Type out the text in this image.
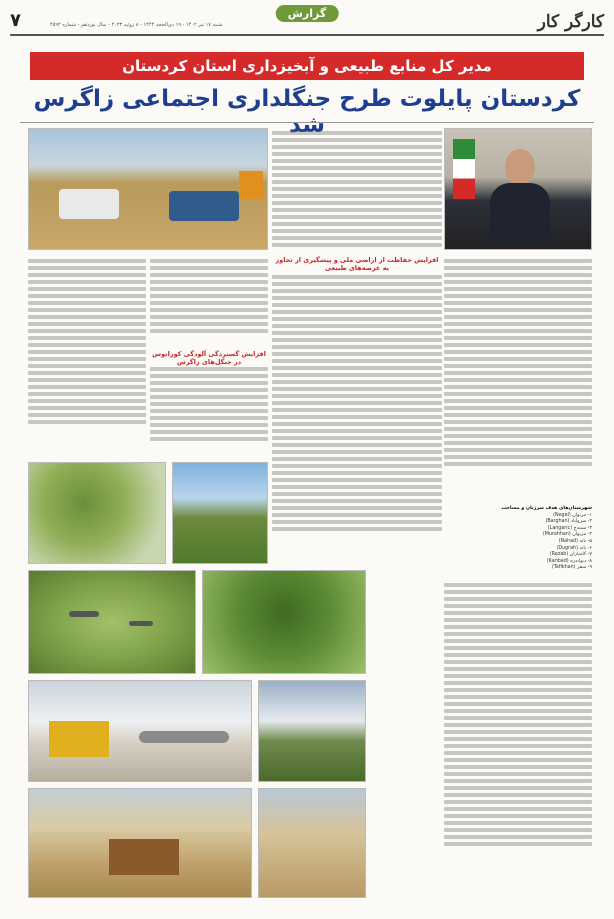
۷	شنبه ۱۷ تیر ۱۴۰۲ - ۱۹ ذی‌الحجه ۱۴۴۴ - ۸ ژوئیه ۲۰۲۳ - سال نوزدهم - شماره ۴۵۹۲	کارگر کار
گزارش
مدیر کل منابع طبیعی و آبخیزداری استان کردستان
کردستان پایلوت طرح جنگلداری اجتماعی زاگرس شد
افزایش حفاظت از اراضی ملی و پیشگیری از تجاوز به عرصه‌های طبیعی
افزایش گستردگی آلودگی کوراتوس در جنگل‌های زاگرس
شهرستان‌های هدف سرزنان و مساحت
۱- مریوان (Negel)
۲- سروآباد (Barghan)
۳- سنندج (Langaric)
۴- مریوان (Murahhan)
۵- بانه (Nahad)
۶- بانه (Dugrah)
۷- کامیاران (Razab)
۸- دیواندره (Kanbad)
۹- سقز (Tafikhan)
